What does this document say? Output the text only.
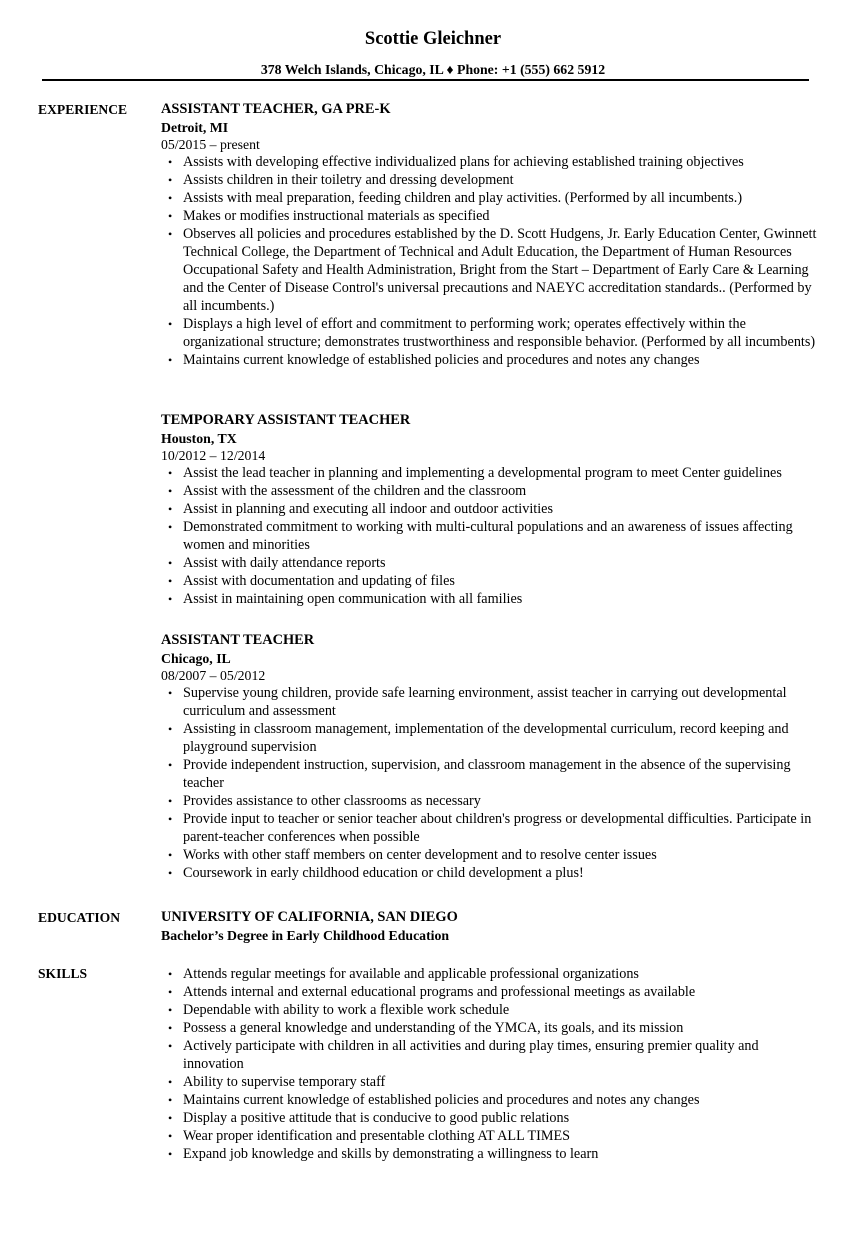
Scottie Gleichner
378 Welch Islands, Chicago, IL ♦ Phone: +1 (555) 662 5912
EXPERIENCE ASSISTANT TEACHER, GA PRE-K
Detroit, MI
05/2015 – present
• Assists with developing effective individualized plans for achieving established training objectives
• Assists children in their toiletry and dressing development
• Assists with meal preparation, feeding children and play activities. (Performed by all incumbents.)
• Makes or modifies instructional materials as specified
• Observes all policies and procedures established by the D. Scott Hudgens, Jr. Early Education Center, Gwinnett Technical College, the Department of Technical and Adult Education, the Department of Human Resources Occupational Safety and Health Administration, Bright from the Start – Department of Early Care & Learning and the Center of Disease Control's universal precautions and NAEYC accreditation standards.. (Performed by all incumbents.)
• Displays a high level of effort and commitment to performing work; operates effectively within the organizational structure; demonstrates trustworthiness and responsible behavior. (Performed by all incumbents)
• Maintains current knowledge of established policies and procedures and notes any changes
TEMPORARY ASSISTANT TEACHER
Houston, TX
10/2012 – 12/2014
• Assist the lead teacher in planning and implementing a developmental program to meet Center guidelines
• Assist with the assessment of the children and the classroom
• Assist in planning and executing all indoor and outdoor activities
• Demonstrated commitment to working with multi-cultural populations and an awareness of issues affecting women and minorities
• Assist with daily attendance reports
• Assist with documentation and updating of files
• Assist in maintaining open communication with all families
ASSISTANT TEACHER
Chicago, IL
08/2007 – 05/2012
• Supervise young children, provide safe learning environment, assist teacher in carrying out developmental curriculum and assessment
• Assisting in classroom management, implementation of the developmental curriculum, record keeping and playground supervision
• Provide independent instruction, supervision, and classroom management in the absence of the supervising teacher
• Provides assistance to other classrooms as necessary
• Provide input to teacher or senior teacher about children's progress or developmental difficulties. Participate in parent-teacher conferences when possible
• Works with other staff members on center development and to resolve center issues
• Coursework in early childhood education or child development a plus!
EDUCATION	UNIVERSITY OF CALIFORNIA, SAN DIEGO
Bachelor’s Degree in Early Childhood Education
SKILLS
•	Attends regular meetings for available and applicable professional organizations
• Attends internal and external educational programs and professional meetings as available
• Dependable with ability to work a flexible work schedule
• Possess a general knowledge and understanding of the YMCA, its goals, and its mission
• Actively participate with children in all activities and during play times, ensuring premier quality and innovation
• Ability to supervise temporary staff
• Maintains current knowledge of established policies and procedures and notes any changes
• Display a positive attitude that is conducive to good public relations
• Wear proper identification and presentable clothing AT ALL TIMES
• Expand job knowledge and skills by demonstrating a willingness to learn
